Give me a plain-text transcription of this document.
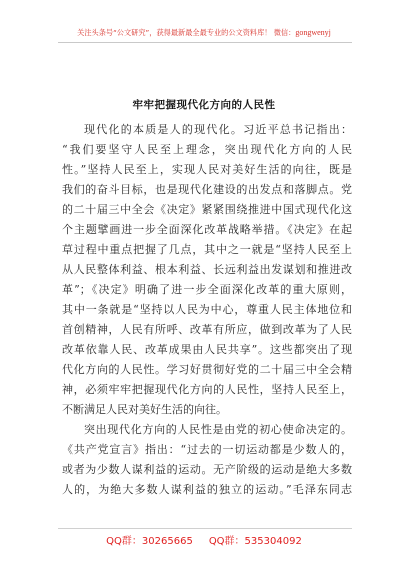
关注头条号“公文研究”，获得最新最全最专业的公文资料库！ 微信：gongwenyj
牢牢把握现代化方向的人民性
现代化的本质是人的现代化。习近平总书记指出：
“我们要坚守人民至上理念，突出现代化方向的人民
性。”坚持人民至上，实现人民对美好生活的向往，既是
我们的奋斗目标，也是现代化建设的出发点和落脚点。党
的二十届三中全会《决定》紧紧围绕推进中国式现代化这
个主题擘画进一步全面深化改革战略举措。《决定》在起
草过程中重点把握了几点，其中之一就是“坚持人民至上
从人民整体利益、根本利益、长远利益出发谋划和推进改
革”；《决定》明确了进一步全面深化改革的重大原则，
其中一条就是“坚持以人民为中心，尊重人民主体地位和
首创精神，人民有所呼、改革有所应，做到改革为了人民
改革依靠人民、改革成果由人民共享”。这些都突出了现
代化方向的人民性。学习好贯彻好党的二十届三中全会精
神，必须牢牢把握现代化方向的人民性，坚持人民至上，
不断满足人民对美好生活的向往。
突出现代化方向的人民性是由党的初心使命决定的。
《共产党宣言》指出：“过去的一切运动都是少数人的，
或者为少数人谋利益的运动。无产阶级的运动是绝大多数
人的，为绝大多数人谋利益的独立的运动。”毛泽东同志
QQ群：30265665 QQ群：535304092
